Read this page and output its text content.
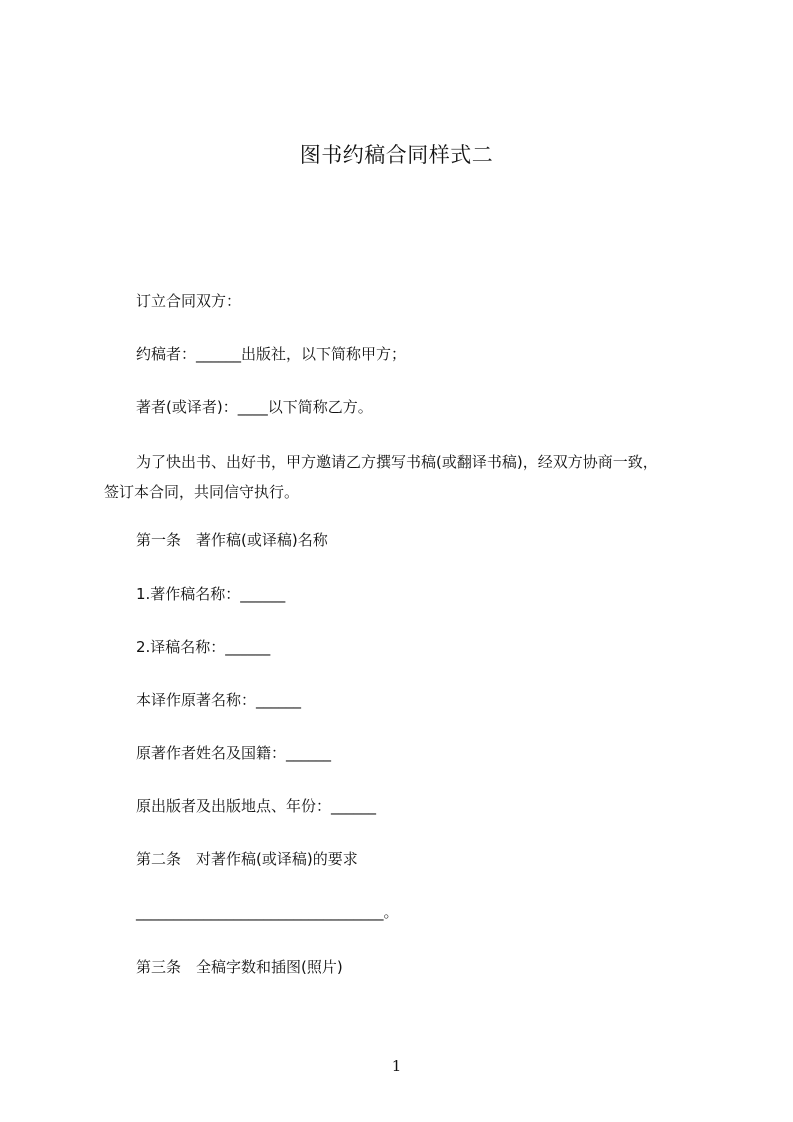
图书约稿合同样式二
订立合同双方：
约稿者：______出版社，以下简称甲方；
著者(或译者)：____以下简称乙方。
为了快出书、出好书，甲方邀请乙方撰写书稿(或翻译书稿)，经双方协商一致，
签订本合同，共同信守执行。
第一条　著作稿(或译稿)名称
1.著作稿名称：______
2.译稿名称：______
本译作原著名称：______
原著作者姓名及国籍：______
原出版者及出版地点、年份：______
第二条　对著作稿(或译稿)的要求
_________________________________。
第三条　全稿字数和插图(照片)
1
